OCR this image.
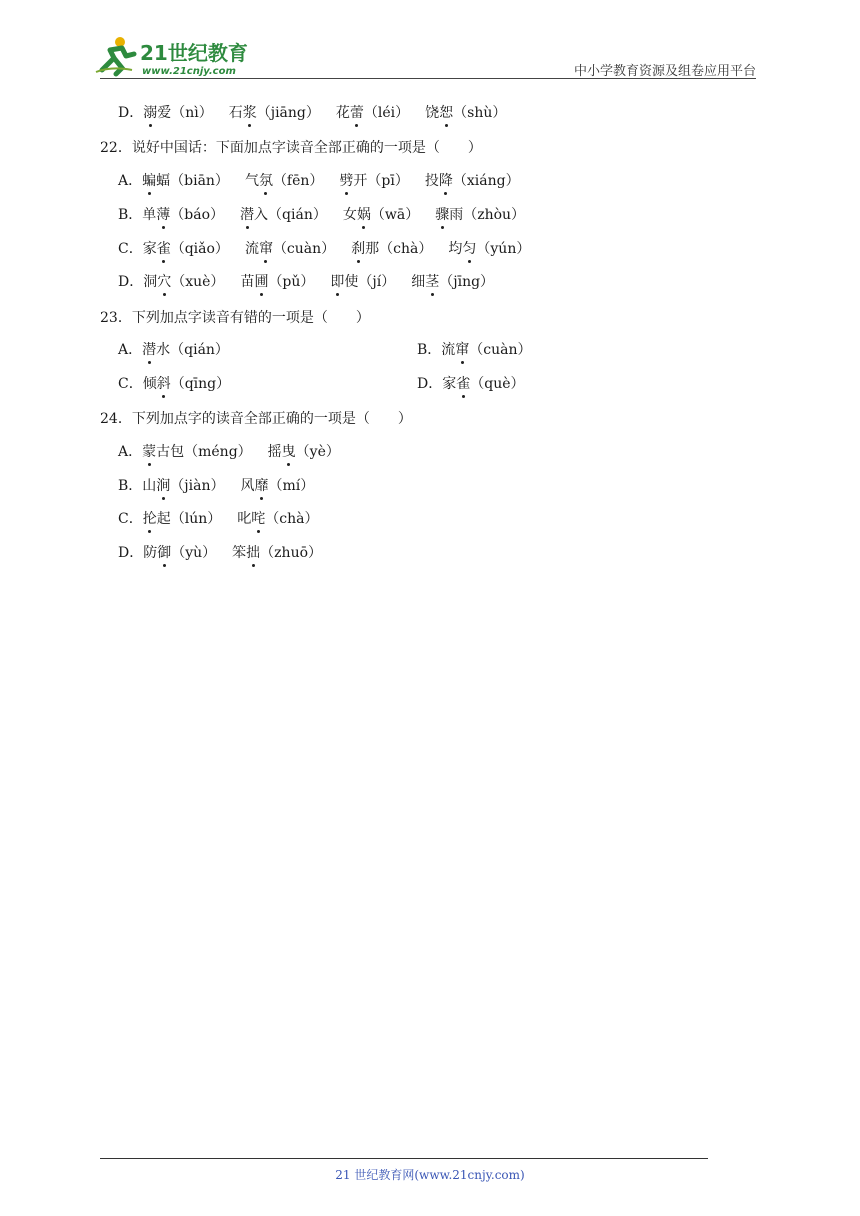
21世纪教育
www.21cnjy.com	中小学教育资源及组卷应用平台
D．溺爱（nì） 石浆（jiāng） 花蕾（léi） 饶恕（shù）
22．说好中国话：下面加点字读音全部正确的一项是（　　）
A．蝙蝠（biān） 气氛（fēn） 劈开（pī） 投降（xiáng）
B．单薄（báo） 潜入（qián） 女娲（wā） 骤雨（zhòu）
C．家雀（qiǎo） 流窜（cuàn） 刹那（chà） 均匀（yún）
D．洞穴（xuè） 苗圃（pǔ） 即使（jí） 细茎（jīng）
23．下列加点字读音有错的一项是（　　）
A．潜水（qián）	B．流窜（cuàn）
C．倾斜（qīng）	D．家雀（què）
24．下列加点字的读音全部正确的一项是（　　）
A．蒙古包（méng） 摇曳（yè）
B．山涧（jiàn） 风靡（mí）
C．抡起（lún） 叱咤（chà）
D．防御（yù） 笨拙（zhuō）
21 世纪教育网(www.21cnjy.com)
